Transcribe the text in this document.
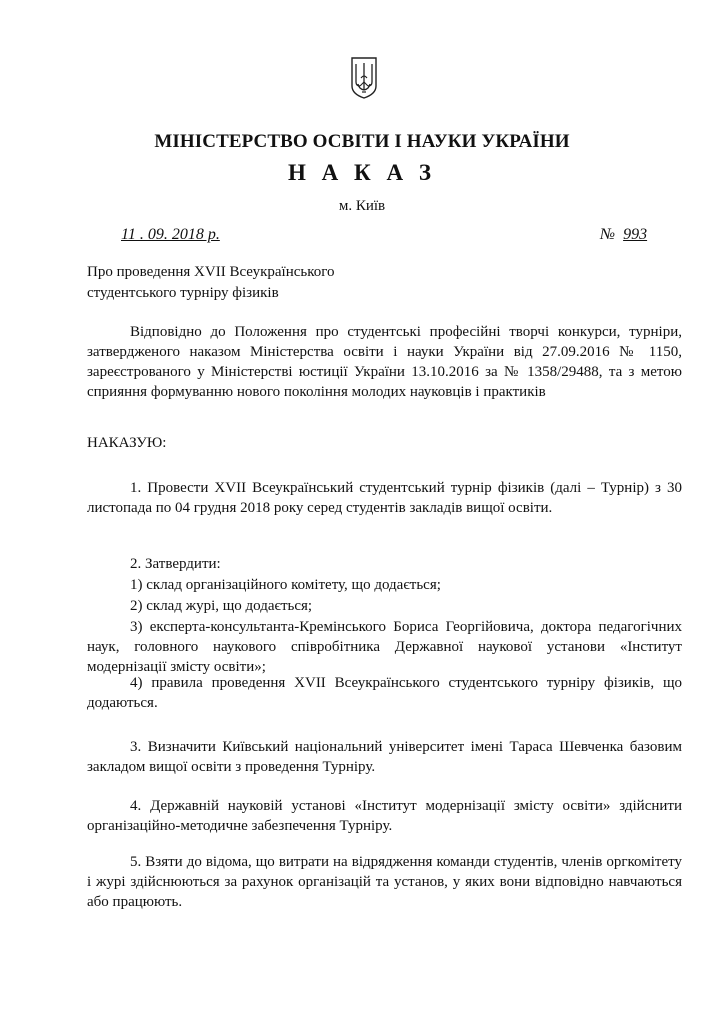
МІНІСТЕРСТВО ОСВІТИ І НАУКИ УКРАЇНИ
Н А К А З
м. Київ
11 . 09. 2018 р.	№ 993
Про проведення XVII Всеукраїнського
студентського турніру фізиків
Відповідно до Положення про студентські професійні творчі конкурси, турніри, затвердженого наказом Міністерства освіти і науки України від 27.09.2016 № 1150, зареєстрованого у Міністерстві юстиції України 13.10.2016 за № 1358/29488, та з метою сприяння формуванню нового покоління молодих науковців і практиків
НАКАЗУЮ:
1. Провести XVII Всеукраїнський студентський турнір фізиків (далі – Турнір) з 30 листопада по 04 грудня 2018 року серед студентів закладів вищої освіти.
2. Затвердити:
1) склад організаційного комітету, що додається;
2) склад журі, що додається;
3) експерта-консультанта-Кремінського Бориса Георгійовича, доктора педагогічних наук, головного наукового співробітника Державної наукової установи «Інститут модернізації змісту освіти»;
4) правила проведення XVII Всеукраїнського студентського турніру фізиків, що додаються.
3. Визначити Київський національний університет імені Тараса Шевченка базовим закладом вищої освіти з проведення Турніру.
4. Державній науковій установі «Інститут модернізації змісту освіти» здійснити організаційно-методичне забезпечення Турніру.
5. Взяти до відома, що витрати на відрядження команди студентів, членів оргкомітету і журі здійснюються за рахунок організацій та установ, у яких вони відповідно навчаються або працюють.
